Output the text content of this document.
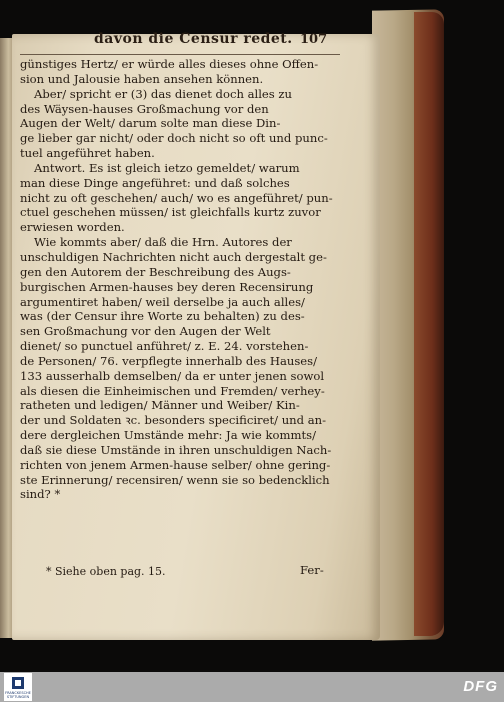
davon die Censur redet. 107
günstiges Hertz/ er würde alles dieses ohne Offen-
sion und Jalousie haben ansehen können.
Aber/ spricht er (3) das dienet doch alles zu
des Wäysen-hauses Großmachung vor den
Augen der Welt/ darum solte man diese Din-
ge lieber gar nicht/ oder doch nicht so oft und punc-
tuel angeführet haben.
Antwort. Es ist gleich ietzo gemeldet/ warum
man diese Dinge angeführet: und daß solches
nicht zu oft geschehen/ auch/ wo es angeführet/ pun-
ctuel geschehen müssen/ ist gleichfalls kurtz zuvor
erwiesen worden.
Wie kommts aber/ daß die Hrn. Autores der
unschuldigen Nachrichten nicht auch dergestalt ge-
gen den Autorem der Beschreibung des Augs-
burgischen Armen-hauses bey deren Recensirung
argumentiret haben/ weil derselbe ja auch alles/
was (der Censur ihre Worte zu behalten) zu des-
sen Großmachung vor den Augen der Welt
dienet/ so punctuel anführet/ z. E. 24. vorstehen-
de Personen/ 76. verpflegte innerhalb des Hauses/
133 ausserhalb demselben/ da er unter jenen sowol
als diesen die Einheimischen und Fremden/ verhey-
ratheten und ledigen/ Männer und Weiber/ Kin-
der und Soldaten ꝛc. besonders specificiret/ und an-
dere dergleichen Umstände mehr: Ja wie kommts/
daß sie diese Umstände in ihren unschuldigen Nach-
richten von jenem Armen-hause selber/ ohne gering-
ste Erinnerung/ recensiren/ wenn sie so bedencklich
sind? *
* Siehe oben pag. 15.	Fer-
FRANCKESCHE
STIFTUNGEN
DFG
